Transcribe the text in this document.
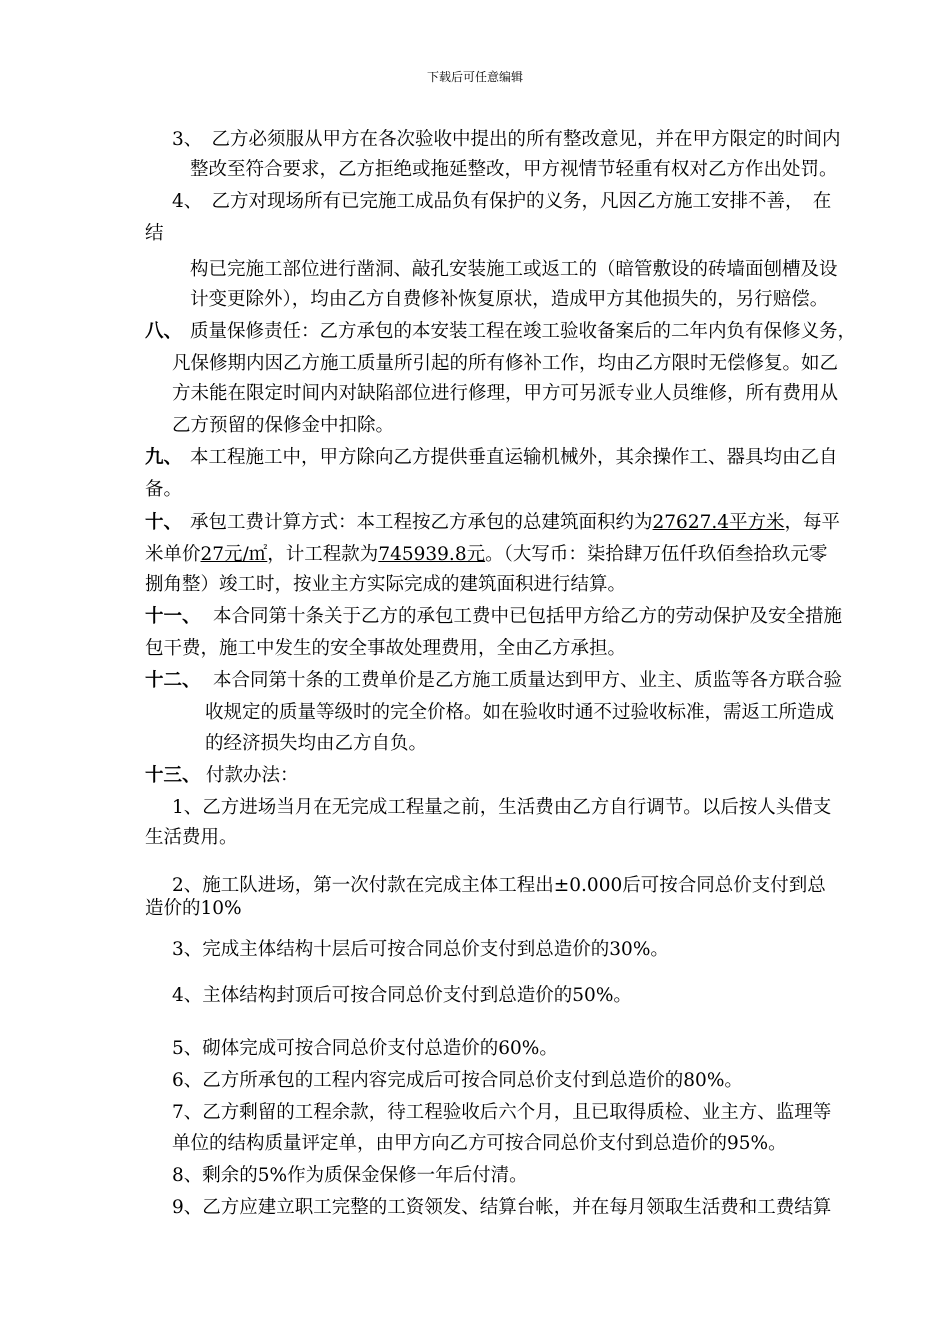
下载后可任意编辑
3、　乙方必须服从甲方在各次验收中提出的所有整改意见，并在甲方限定的时间内
整改至符合要求，乙方拒绝或拖延整改，甲方视情节轻重有权对乙方作出处罚。
4、　乙方对现场所有已完施工成品负有保护的义务，凡因乙方施工安排不善，　在
结
构已完施工部位进行凿洞、敲孔安装施工或返工的（暗管敷设的砖墙面刨槽及设
计变更除外），均由乙方自费修补恢复原状，造成甲方其他损失的，另行赔偿。
八、 质量保修责任：乙方承包的本安装工程在竣工验收备案后的二年内负有保修义务，
凡保修期内因乙方施工质量所引起的所有修补工作，均由乙方限时无偿修复。如乙
方未能在限定时间内对缺陷部位进行修理，甲方可另派专业人员维修，所有费用从
乙方预留的保修金中扣除。
九、 本工程施工中，甲方除向乙方提供垂直运输机械外，其余操作工、器具均由乙自
备。
十、 承包工费计算方式：本工程按乙方承包的总建筑面积约为27627.4平方米，每平
米单价27元/㎡，计工程款为745939.8元。（大写币：柒拾肆万伍仟玖佰叁拾玖元零
捌角整）竣工时，按业主方实际完成的建筑面积进行结算。
十一、 本合同第十条关于乙方的承包工费中已包括甲方给乙方的劳动保护及安全措施
包干费，施工中发生的安全事故处理费用，全由乙方承担。
十二、 本合同第十条的工费单价是乙方施工质量达到甲方、业主、质监等各方联合验
收规定的质量等级时的完全价格。如在验收时通不过验收标准，需返工所造成
的经济损失均由乙方自负。
十三、 付款办法：
1、乙方进场当月在无完成工程量之前，生活费由乙方自行调节。以后按人头借支
生活费用。
2、施工队进场，第一次付款在完成主体工程出±0.000后可按合同总价支付到总
造价的10%
3、完成主体结构十层后可按合同总价支付到总造价的30%。
4、主体结构封顶后可按合同总价支付到总造价的50%。
5、砌体完成可按合同总价支付总造价的60%。
6、乙方所承包的工程内容完成后可按合同总价支付到总造价的80%。
7、乙方剩留的工程余款，待工程验收后六个月，且已取得质检、业主方、监理等
单位的结构质量评定单，由甲方向乙方可按合同总价支付到总造价的95%。
8、剩余的5%作为质保金保修一年后付清。
9、乙方应建立职工完整的工资领发、结算台帐，并在每月领取生活费和工费结算
